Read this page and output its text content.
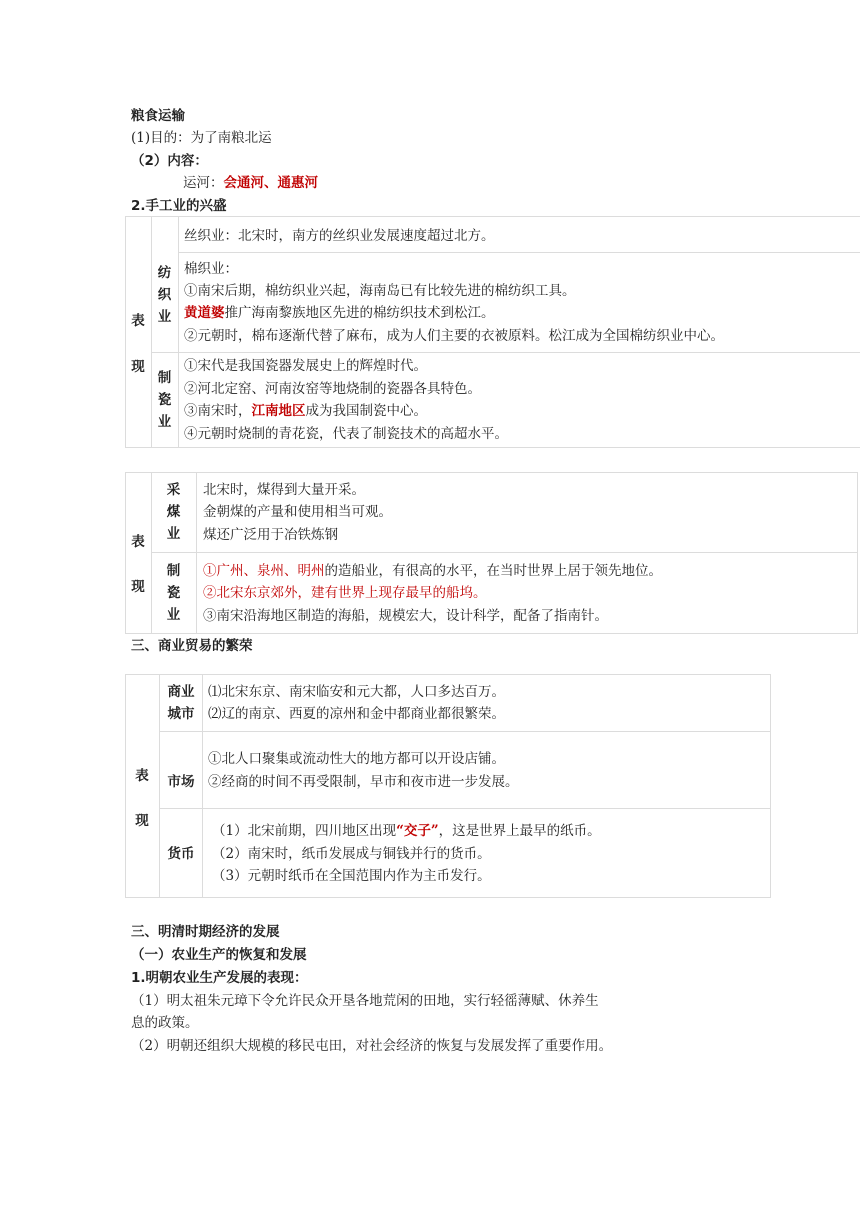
粮食运输
(1)目的：为了南粮北运
（2）内容：
运河：会通河、通惠河
2.手工业的兴盛
表
现
纺
织
业
丝织业：北宋时，南方的丝织业发展速度超过北方。
棉织业：
①南宋后期，棉纺织业兴起，海南岛已有比较先进的棉纺织工具。
黄道婆推广海南黎族地区先进的棉纺织技术到松江。
②元朝时，棉布逐渐代替了麻布，成为人们主要的衣被原料。松江成为全国棉纺织业中心。
制
瓷
业
①宋代是我国瓷器发展史上的辉煌时代。
②河北定窑、河南汝窑等地烧制的瓷器各具特色。
③南宋时，江南地区成为我国制瓷中心。
④元朝时烧制的青花瓷，代表了制瓷技术的高超水平。
表
现
采
煤
业
北宋时，煤得到大量开采。
金朝煤的产量和使用相当可观。
煤还广泛用于冶铁炼钢
制
瓷
业
①广州、泉州、明州的造船业，有很高的水平，在当时世界上居于领先地位。
②北宋东京郊外，建有世界上现存最早的船坞。
③南宋沿海地区制造的海船，规模宏大，设计科学，配备了指南针。
三、商业贸易的繁荣
表
现
商业
城市
⑴北宋东京、南宋临安和元大都，人口多达百万。
⑵辽的南京、西夏的凉州和金中都商业都很繁荣。
市场
①北人口聚集或流动性大的地方都可以开设店铺。
②经商的时间不再受限制，早市和夜市进一步发展。
货币
（1）北宋前期，四川地区出现“交子”，这是世界上最早的纸币。
（2）南宋时，纸币发展成与铜钱并行的货币。
（3）元朝时纸币在全国范围内作为主币发行。
三、明清时期经济的发展
（一）农业生产的恢复和发展
1.明朝农业生产发展的表现：
（1）明太祖朱元璋下令允许民众开垦各地荒闲的田地，实行轻徭薄赋、休养生
息的政策。
（2）明朝还组织大规模的移民屯田，对社会经济的恢复与发展发挥了重要作用。
